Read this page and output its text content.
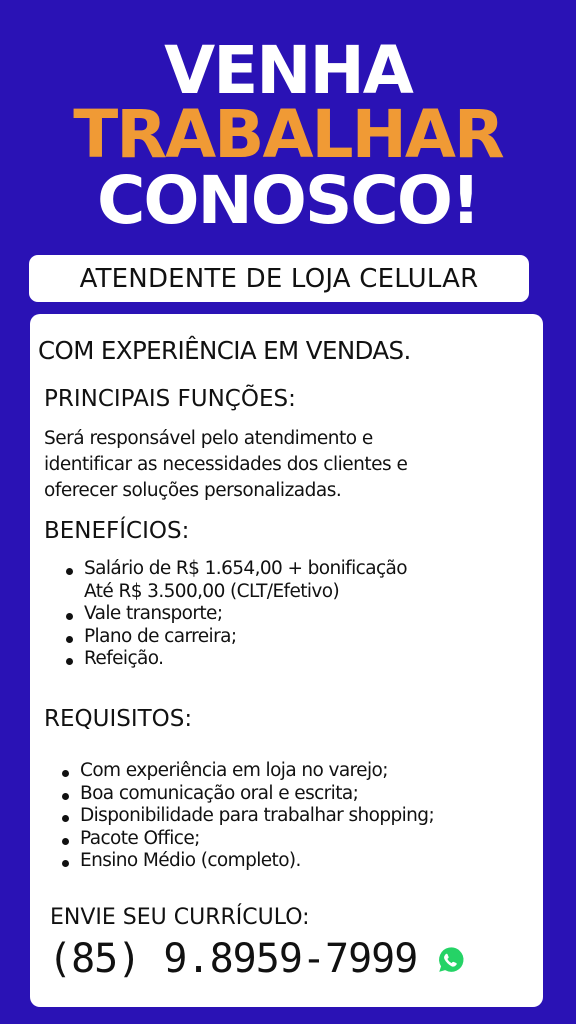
VENHA
TRABALHAR
CONOSCO!
ATENDENTE DE LOJA CELULAR
COM EXPERIÊNCIA EM VENDAS.
PRINCIPAIS FUNÇÕES:
Será responsável pelo atendimento e
identificar as necessidades dos clientes e
oferecer soluções personalizadas.
BENEFÍCIOS:
Salário de R$ 1.654,00 + bonificação
Até R$ 3.500,00 (CLT/Efetivo)
Vale transporte;
Plano de carreira;
Refeição.
REQUISITOS:
Com experiência em loja no varejo;
Boa comunicação oral e escrita;
Disponibilidade para trabalhar shopping;
Pacote Office;
Ensino Médio (completo).
ENVIE SEU CURRÍCULO:
(85) 9.8959-7999
